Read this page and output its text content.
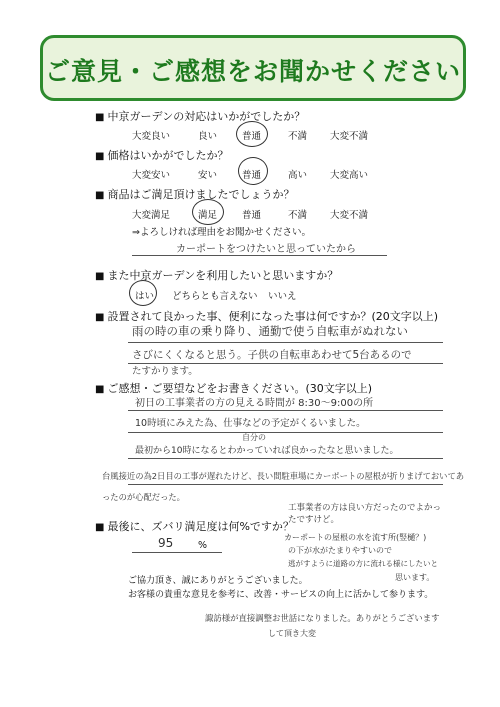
ご意見・ご感想をお聞かせください
■ 中京ガーデンの対応はいかがでしたか？
大変良い	良い	普通	不満 大変不満
■ 価格はいかがでしたか？
大変安い	安い	普通	高い 大変高い
■ 商品はご満足頂けましたでしょうか？
大変満足	満足	普通	不満 大変不満
⇒よろしければ理由をお聞かせください。
カーポートをつけたいと思っていたから
■ また中京ガーデンを利用したいと思いますか？
はい どちらとも言えない いいえ
■ 設置されて良かった事、便利になった事は何ですか？(20文字以上)
雨の時の車の乗り降り、通勤で使う自転車がぬれない
さびにくくなると思う。子供の自転車あわせて5台あるので
たすかります。
■ ご感想・ご要望などをお書きください。(30文字以上)
初日の工事業者の方の見える時間が 8:30〜9:00の所
10時頃にみえた為、仕事などの予定がくるいました。
自分の
最初から10時になるとわかっていれば良かったなと思いました。
台風接近の為2日目の工事が遅れたけど、長い間駐車場にカーポートの屋根が折りまげておいてあったのが心配だった。
工事業者の方は良い方だったのでよかったですけど。
■ 最後に、ズバリ満足度は何%ですか？
95	%
カーポートの屋根の水を流す所(竪樋？)
の下が水がたまりやすいので
逃がすように道路の方に流れる様にしたいと
思います。
ご協力頂き、誠にありがとうございました。
お客様の貴重な意見を参考に、改善・サービスの向上に活かして参ります。
諏訪様が直接調整お世話になりました。ありがとうございます
して頂き大変
